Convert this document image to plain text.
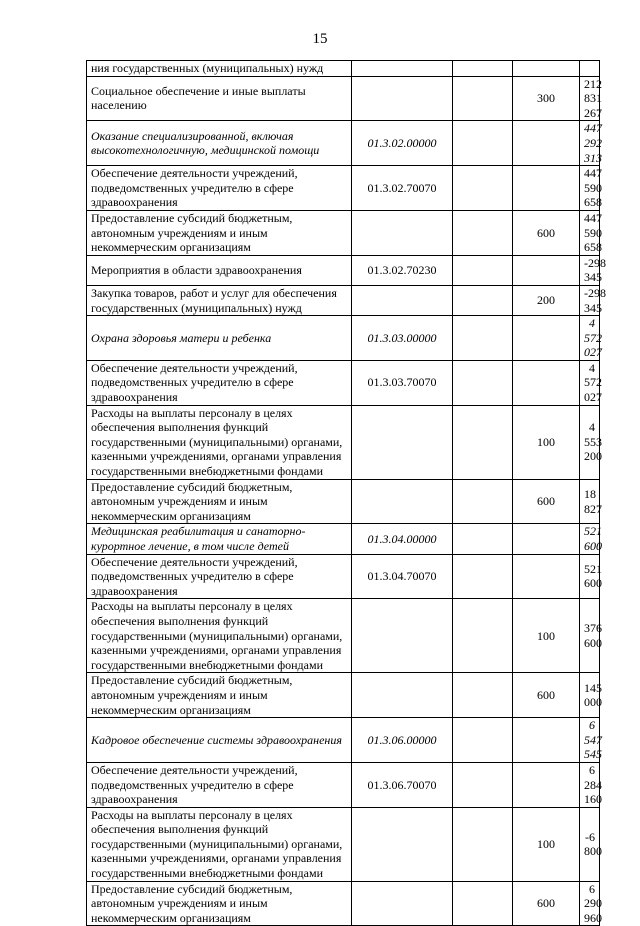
15
ния государственных (муниципальных) нужд				
Социальное обеспечение и иные выплаты населению			300	212 831 267
Оказание специализированной, включая высокотехнологичную, медицинской помощи	01.3.02.00000			447 292 313
Обеспечение деятельности учреждений, подведомственных учредителю в сфере здравоохранения	01.3.02.70070			447 590 658
Предоставление субсидий бюджетным, автономным учреждениям и иным некоммерческим организациям			600	447 590 658
Мероприятия в области здравоохранения	01.3.02.70230			-298 345
Закупка товаров, работ и услуг для обеспечения государственных (муниципальных) нужд			200	-298 345
Охрана здоровья матери и ребенка	01.3.03.00000			4 572 027
Обеспечение деятельности учреждений, подведомственных учредителю в сфере здравоохранения	01.3.03.70070			4 572 027
Расходы на выплаты персоналу в целях обеспечения выполнения функций государственными (муниципальными) органами, казенными учреждениями, органами управления государственными внебюджетными фондами			100	4 553 200
Предоставление субсидий бюджетным, автономным учреждениям и иным некоммерческим организациям			600	18 827
Медицинская реабилитация и санаторно-курортное лечение, в том числе детей	01.3.04.00000			521 600
Обеспечение деятельности учреждений, подведомственных учредителю в сфере здравоохранения	01.3.04.70070			521 600
Расходы на выплаты персоналу в целях обеспечения выполнения функций государственными (муниципальными) органами, казенными учреждениями, органами управления государственными внебюджетными фондами			100	376 600
Предоставление субсидий бюджетным, автономным учреждениям и иным некоммерческим организациям			600	145 000
Кадровое обеспечение системы здравоохранения	01.3.06.00000			6 547 545
Обеспечение деятельности учреждений, подведомственных учредителю в сфере здравоохранения	01.3.06.70070			6 284 160
Расходы на выплаты персоналу в целях обеспечения выполнения функций государственными (муниципальными) органами, казенными учреждениями, органами управления государственными внебюджетными фондами			100	-6 800
Предоставление субсидий бюджетным, автономным учреждениям и иным некоммерческим организациям			600	6 290 960
